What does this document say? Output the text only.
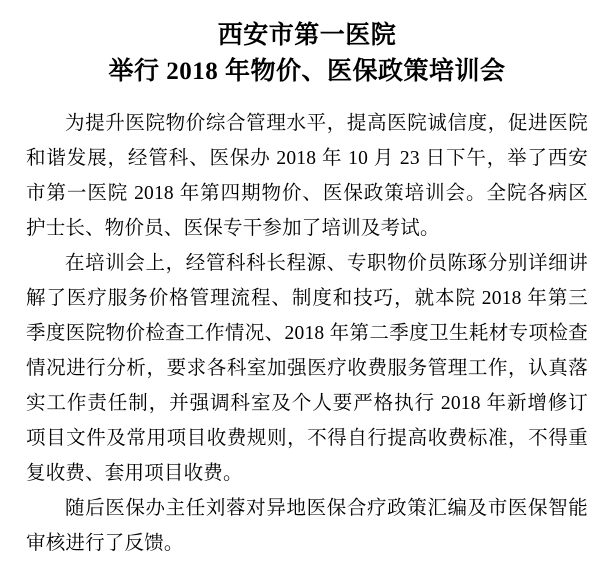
西安市第一医院
举行 2018 年物价、医保政策培训会

为提升医院物价综合管理水平，提高医院诚信度，促进医院和谐发展，经管科、医保办 2018 年 10 月 23 日下午，举了西安市第一医院 2018 年第四期物价、医保政策培训会。全院各病区护士长、物价员、医保专干参加了培训及考试。

在培训会上，经管科科长程源、专职物价员陈琢分别详细讲解了医疗服务价格管理流程、制度和技巧，就本院 2018 年第三季度医院物价检查工作情况、2018 年第二季度卫生耗材专项检查情况进行分析，要求各科室加强医疗收费服务管理工作，认真落实工作责任制，并强调科室及个人要严格执行 2018 年新增修订项目文件及常用项目收费规则，不得自行提高收费标准，不得重复收费、套用项目收费。

随后医保办主任刘蓉对异地医保合疗政策汇编及市医保智能审核进行了反馈。
